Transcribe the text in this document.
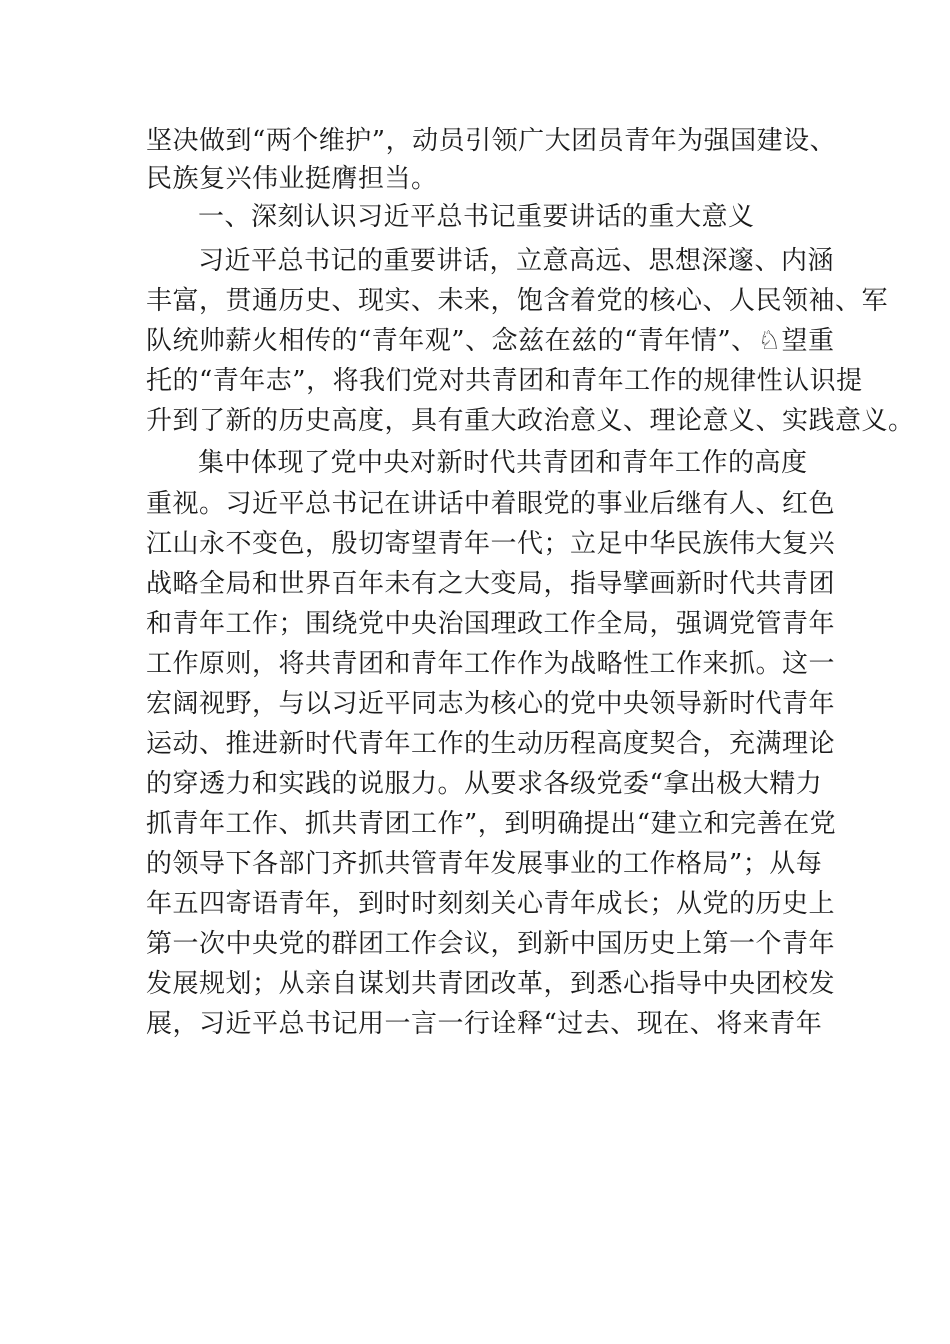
坚决做到“两个维护”，动员引领广大团员青年为强国建设、
民族复兴伟业挺膺担当。
一、深刻认识习近平总书记重要讲话的重大意义
习近平总书记的重要讲话，立意高远、思想深邃、内涵
丰富，贯通历史、现实、未来，饱含着党的核心、人民领袖、军
队统帅薪火相传的“青年观”、念兹在兹的“青年情”、♘望重
托的“青年志”，将我们党对共青团和青年工作的规律性认识提
升到了新的历史高度，具有重大政治意义、理论意义、实践意义。
集中体现了党中央对新时代共青团和青年工作的高度
重视。习近平总书记在讲话中着眼党的事业后继有人、红色
江山永不变色，殷切寄望青年一代；立足中华民族伟大复兴
战略全局和世界百年未有之大变局，指导擘画新时代共青团
和青年工作；围绕党中央治国理政工作全局，强调党管青年
工作原则，将共青团和青年工作作为战略性工作来抓。这一
宏阔视野，与以习近平同志为核心的党中央领导新时代青年
运动、推进新时代青年工作的生动历程高度契合，充满理论
的穿透力和实践的说服力。从要求各级党委“拿出极大精力
抓青年工作、抓共青团工作”，到明确提出“建立和完善在党
的领导下各部门齐抓共管青年发展事业的工作格局”；从每
年五四寄语青年，到时时刻刻关心青年成长；从党的历史上
第一次中央党的群团工作会议，到新中国历史上第一个青年
发展规划；从亲自谋划共青团改革，到悉心指导中央团校发
展，习近平总书记用一言一行诠释“过去、现在、将来青年
